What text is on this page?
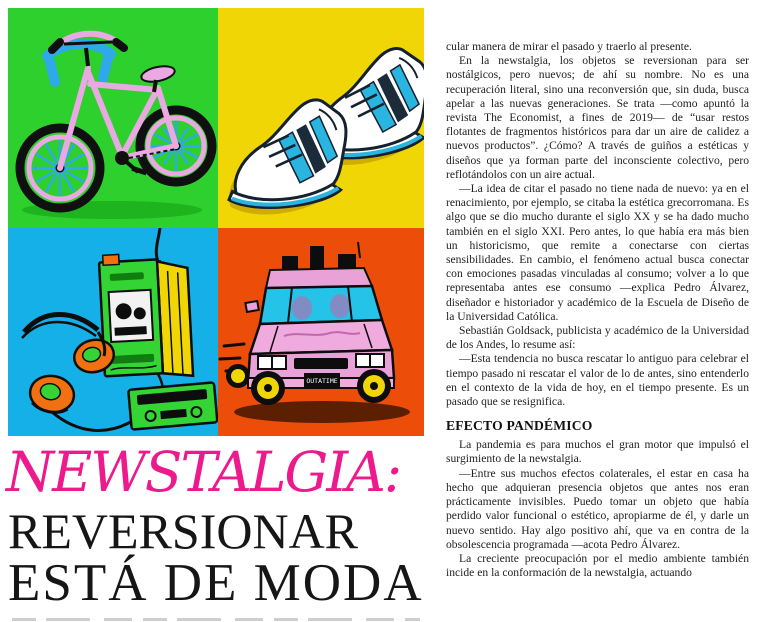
OUTATIME
NEWSTALGIA:
REVERSIONAR
ESTÁ DE MODA

cular manera de mirar el pasado y traerlo al presente.

En la newstalgia, los objetos se reversionan para ser nostálgicos, pero nuevos; de ahí su nombre. No es una recuperación literal, sino una reconversión que, sin duda, busca apelar a las nuevas generaciones. Se trata —como apuntó la revista The Economist, a fines de 2019— de “usar restos flotantes de fragmentos históricos para dar un aire de calidez a nuevos productos”. ¿Cómo? A través de guiños a estéticas y diseños que ya forman parte del inconsciente colectivo, pero reflotándolos con un aire actual.

—La idea de citar el pasado no tiene nada de nuevo: ya en el renacimiento, por ejemplo, se citaba la estética grecorromana. Es algo que se dio mucho durante el siglo XX y se ha dado mucho también en el siglo XXI. Pero antes, lo que había era más bien un historicismo, que remite a conectarse con ciertas sensibilidades. En cambio, el fenómeno actual busca conectar con emociones pasadas vinculadas al consumo; volver a lo que representaba antes ese consumo —explica Pedro Álvarez, diseñador e historiador y académico de la Escuela de Diseño de la Universidad Católica.

Sebastián Goldsack, publicista y académico de la Universidad de los Andes, lo resume así:

—Esta tendencia no busca rescatar lo antiguo para celebrar el tiempo pasado ni rescatar el valor de lo de antes, sino entenderlo en el contexto de la vida de hoy, en el tiempo presente. Es un pasado que se resignifica.

EFECTO PANDÉMICO

La pandemia es para muchos el gran motor que impulsó el surgimiento de la newstalgia.

—Entre sus muchos efectos colaterales, el estar en casa ha hecho que adquieran presencia objetos que antes nos eran prácticamente invisibles. Puedo tomar un objeto que había perdido valor funcional o estético, apropiarme de él, y darle un nuevo sentido. Hay algo positivo ahí, que va en contra de la obsolescencia programada —acota Pedro Álvarez.

La creciente preocupación por el medio ambiente también incide en la conformación de la newstalgia, actuando
